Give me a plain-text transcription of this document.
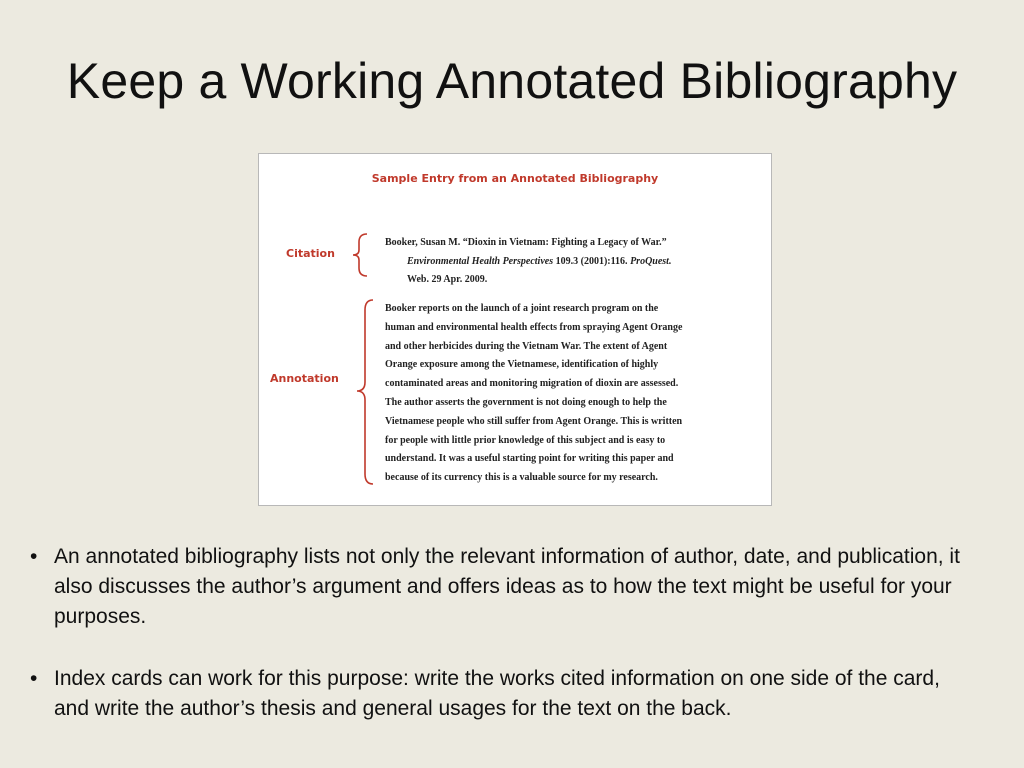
Keep a Working Annotated Bibliography
Sample Entry from an Annotated Bibliography
Citation
Annotation
Booker, Susan M. “Dioxin in Vietnam: Fighting a Legacy of War.”
Environmental Health Perspectives 109.3 (2001):116. ProQuest.
Web. 29 Apr. 2009.
Booker reports on the launch of a joint research program on the
human and environmental health effects from spraying Agent Orange
and other herbicides during the Vietnam War. The extent of Agent
Orange exposure among the Vietnamese, identification of highly
contaminated areas and monitoring migration of dioxin are assessed.
The author asserts the government is not doing enough to help the
Vietnamese people who still suffer from Agent Orange. This is written
for people with little prior knowledge of this subject and is easy to
understand. It was a useful starting point for writing this paper and
because of its currency this is a valuable source for my research.
• An annotated bibliography lists not only the relevant information of author, date, and publication, it also discusses the author’s argument and offers ideas as to how the text might be useful for your purposes.
• Index cards can work for this purpose: write the works cited information on one side of the card, and write the author’s thesis and general usages for the text on the back.
